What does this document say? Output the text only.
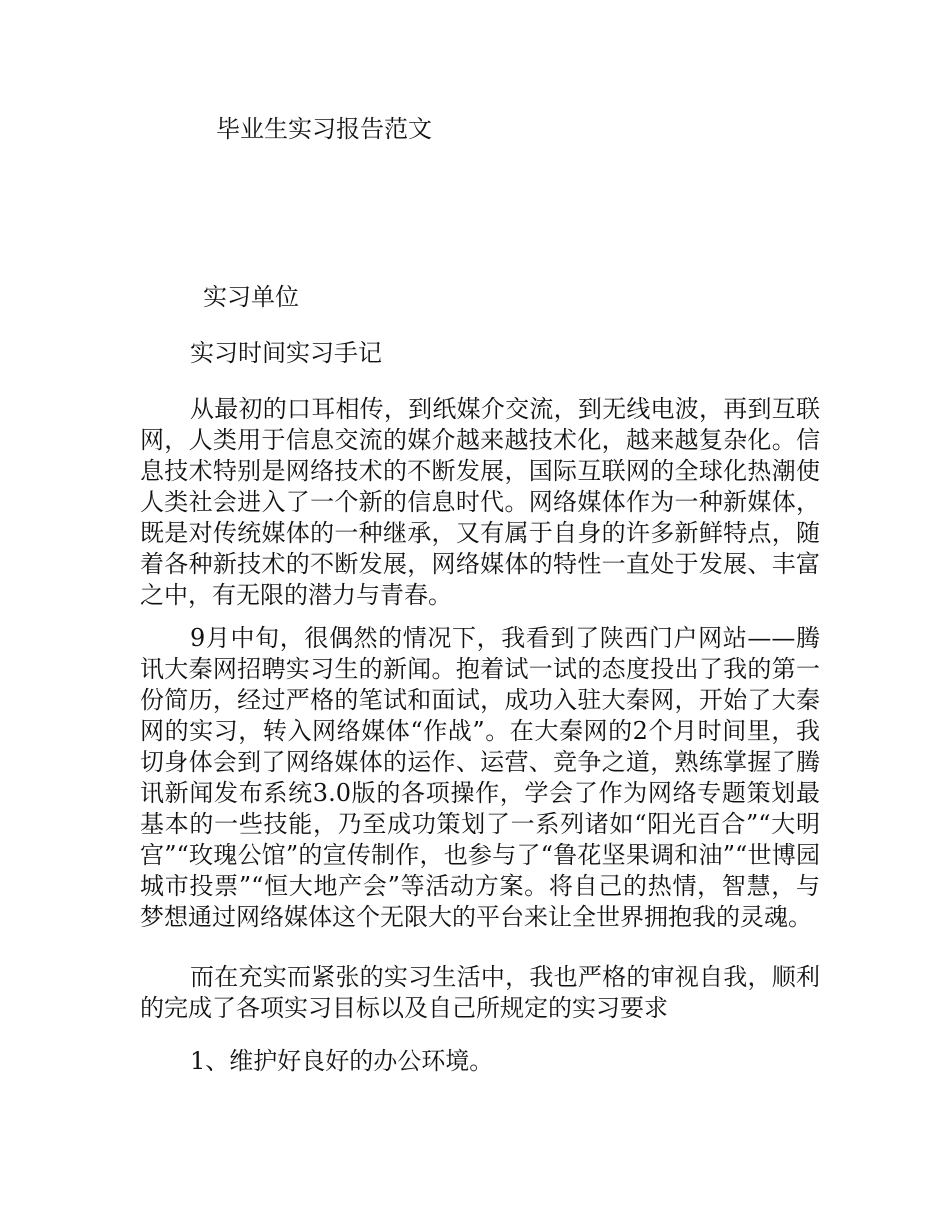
毕业生实习报告范文
实习单位
实习时间实习手记

从最初的口耳相传，到纸媒介交流，到无线电波，再到互联网，人类用于信息交流的媒介越来越技术化，越来越复杂化。信息技术特别是网络技术的不断发展，国际互联网的全球化热潮使人类社会进入了一个新的信息时代。网络媒体作为一种新媒体，既是对传统媒体的一种继承，又有属于自身的许多新鲜特点，随着各种新技术的不断发展，网络媒体的特性一直处于发展、丰富之中，有无限的潜力与青春。

9月中旬，很偶然的情况下，我看到了陕西门户网站——腾讯大秦网招聘实习生的新闻。抱着试一试的态度投出了我的第一份简历，经过严格的笔试和面试，成功入驻大秦网，开始了大秦网的实习，转入网络媒体“作战”。在大秦网的2个月时间里，我切身体会到了网络媒体的运作、运营、竞争之道，熟练掌握了腾讯新闻发布系统3.0版的各项操作，学会了作为网络专题策划最基本的一些技能，乃至成功策划了一系列诸如“阳光百合”“大明宫”“玫瑰公馆”的宣传制作，也参与了“鲁花坚果调和油”“世博园城市投票”“恒大地产会”等活动方案。将自己的热情，智慧，与梦想通过网络媒体这个无限大的平台来让全世界拥抱我的灵魂。

而在充实而紧张的实习生活中，我也严格的审视自我，顺利的完成了各项实习目标以及自己所规定的实习要求

1、维护好良好的办公环境。
